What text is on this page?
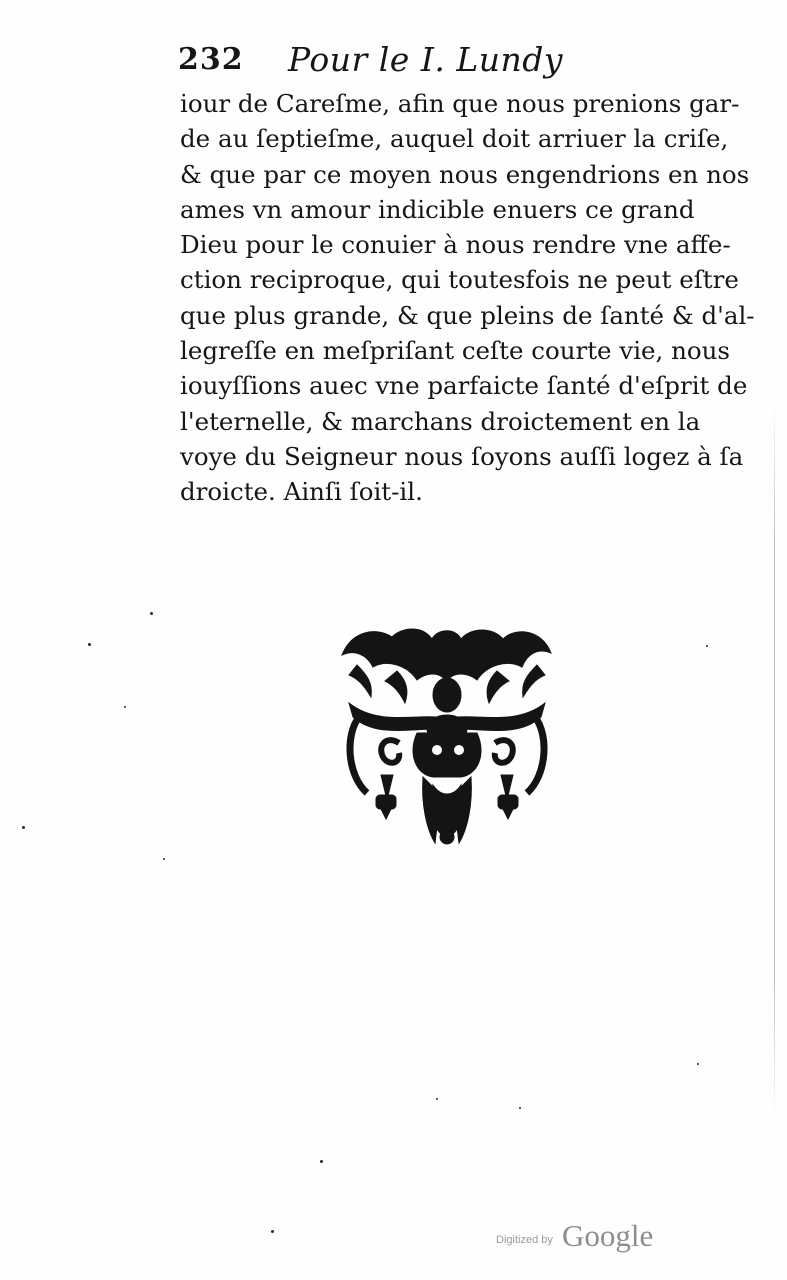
232 Pour le I. Lundy
iour de Careſme, afin que nous prenions gar-
de au ſeptieſme, auquel doit arriuer la criſe,
& que par ce moyen nous engendrions en nos
ames vn amour indicible enuers ce grand
Dieu pour le conuier à nous rendre vne affe-
ction reciproque, qui toutesfois ne peut eſtre
que plus grande, & que pleins de ſanté & d'al-
legreſſe en meſpriſant ceſte courte vie, nous
iouyſſions auec vne parfaicte ſanté d'eſprit de
l'eternelle, & marchans droictement en la
voye du Seigneur nous ſoyons auſſi logez à ſa
droicte. Ainſi ſoit-il.
Digitized by Google
